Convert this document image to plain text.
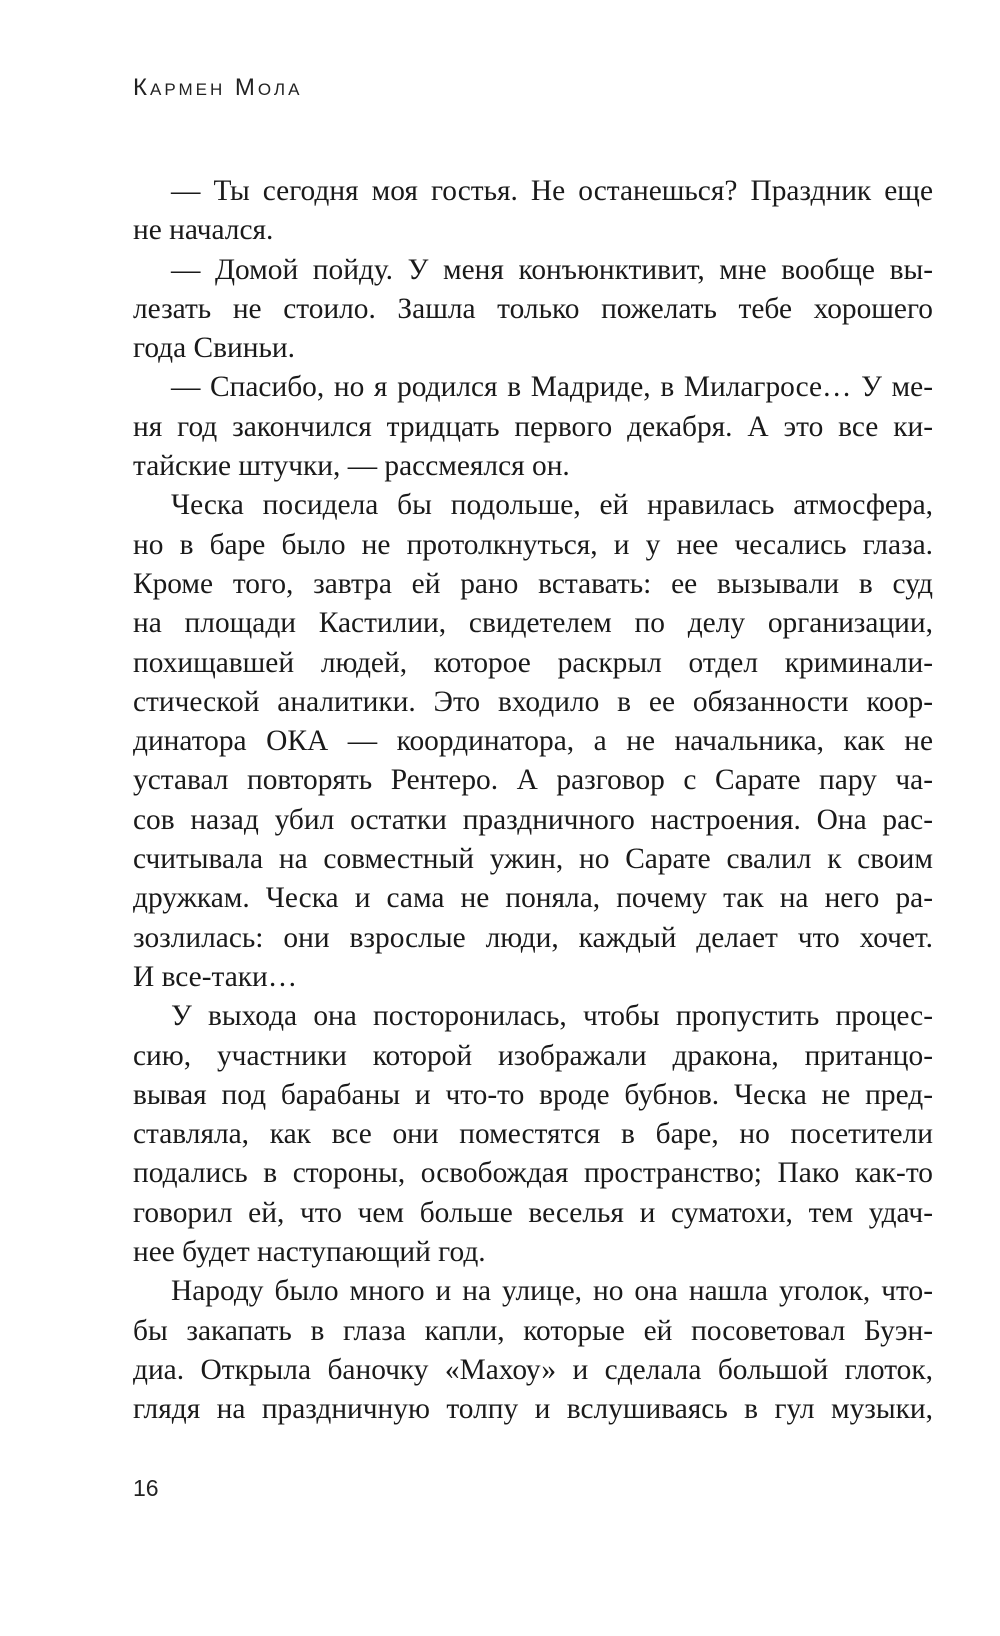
Кармен Мола
— Ты сегодня моя гостья. Не останешься? Праздник еще
не начался.
— Домой пойду. У меня конъюнктивит, мне вообще вы-
лезать не стоило. Зашла только пожелать тебе хорошего
года Свиньи.
— Спасибо, но я родился в Мадриде, в Милагросе… У ме-
ня год закончился тридцать первого декабря. А это все ки-
тайские штучки, — рассмеялся он.
Ческа посидела бы подольше, ей нравилась атмосфера,
но в баре было не протолкнуться, и у нее чесались глаза.
Кроме того, завтра ей рано вставать: ее вызывали в суд
на площади Кастилии, свидетелем по делу организации,
похищавшей людей, которое раскрыл отдел криминали-
стической аналитики. Это входило в ее обязанности коор-
динатора ОКА — координатора, а не начальника, как не
уставал повторять Рентеро. А разговор с Сарате пару ча-
сов назад убил остатки праздничного настроения. Она рас-
считывала на совместный ужин, но Сарате свалил к своим
дружкам. Ческа и сама не поняла, почему так на него ра-
зозлилась: они взрослые люди, каждый делает что хочет.
И все-таки…
У выхода она посторонилась, чтобы пропустить процес-
сию, участники которой изображали дракона, пританцо-
вывая под барабаны и что-то вроде бубнов. Ческа не пред-
ставляла, как все они поместятся в баре, но посетители
подались в стороны, освобождая пространство; Пако как-то
говорил ей, что чем больше веселья и суматохи, тем удач-
нее будет наступающий год.
Народу было много и на улице, но она нашла уголок, что-
бы закапать в глаза капли, которые ей посоветовал Буэн-
диа. Открыла баночку «Махоу» и сделала большой глоток,
глядя на праздничную толпу и вслушиваясь в гул музыки,
16
